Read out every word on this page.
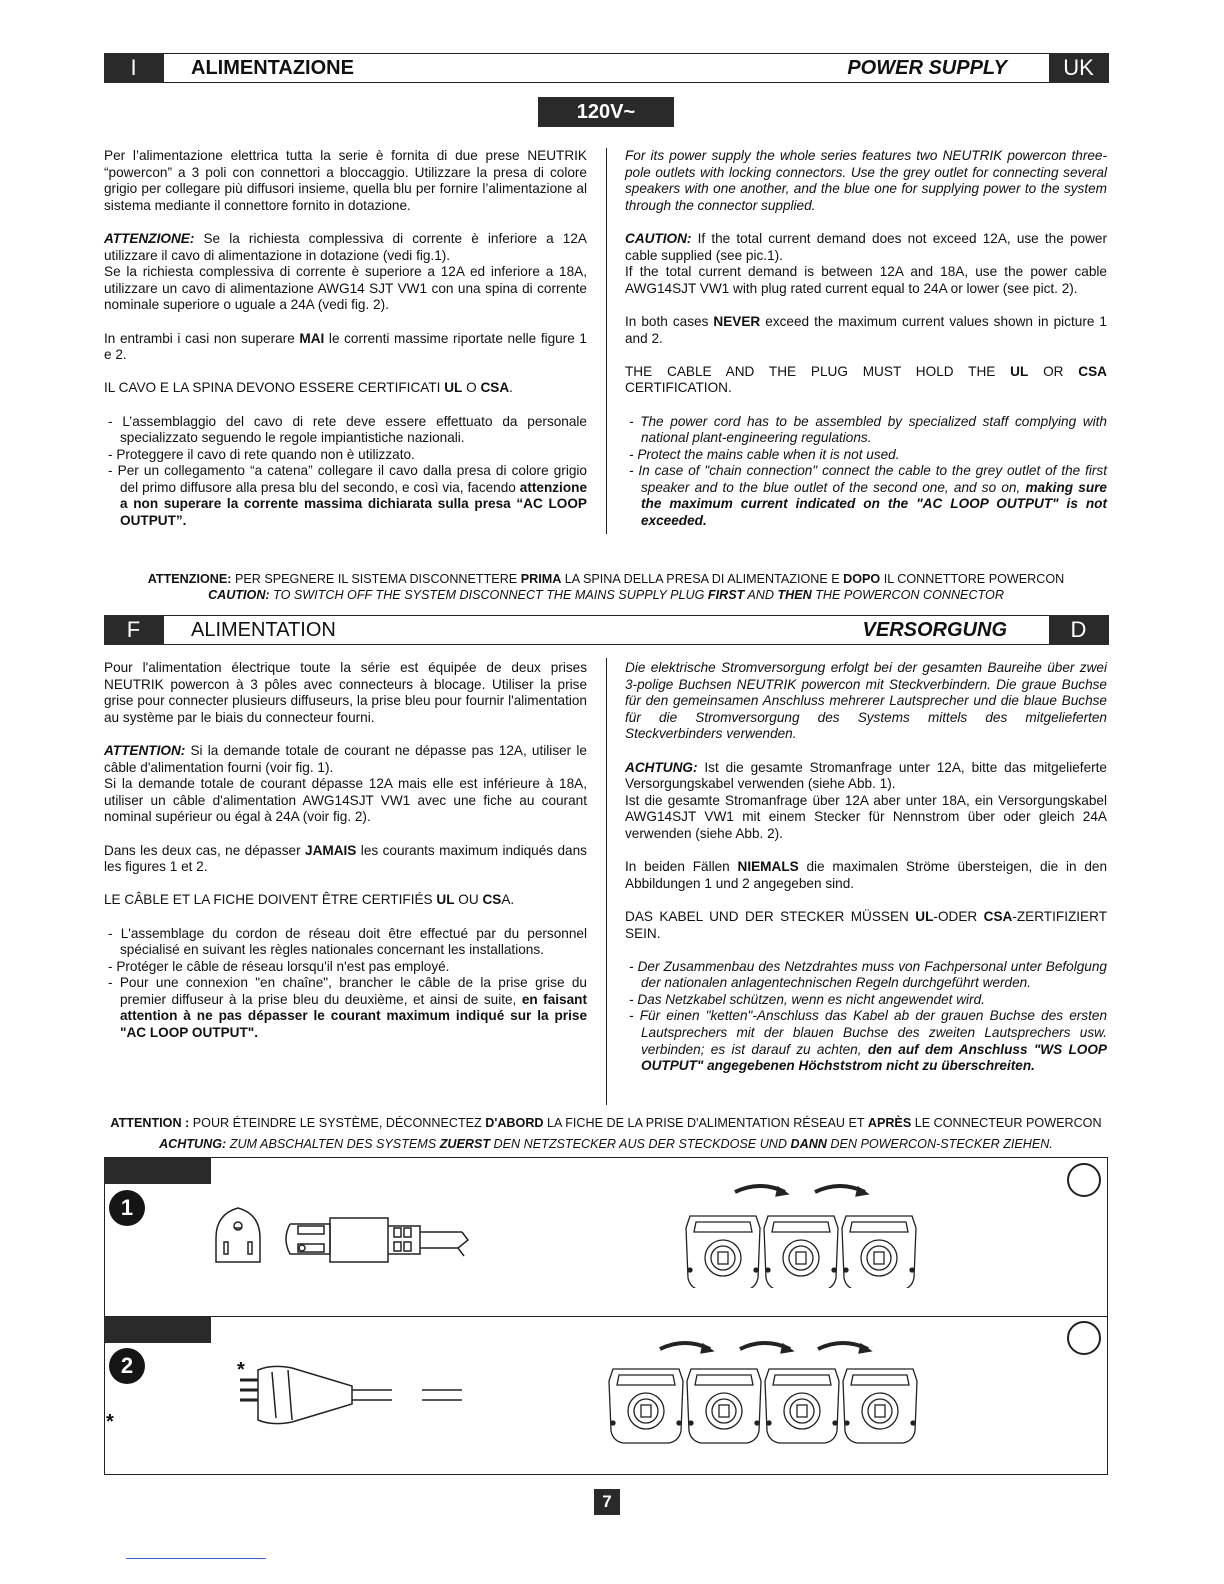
I	ALIMENTAZIONE	POWER SUPPLY	UK
120V~

Per l’alimentazione elettrica tutta la serie è fornita di due prese NEUTRIK “powercon” a 3 poli con connettori a bloccaggio. Utilizzare la presa di colore grigio per collegare più diffusori insieme, quella blu per fornire l’alimentazione al sistema mediante il connettore fornito in dotazione.

ATTENZIONE: Se la richiesta complessiva di corrente è inferiore a 12A utilizzare il cavo di alimentazione in dotazione (vedi fig.1).
Se la richiesta complessiva di corrente è superiore a 12A ed inferiore a 18A, utilizzare un cavo di alimentazione AWG14 SJT VW1 con una spina di corrente nominale superiore o uguale a 24A (vedi fig. 2).

In entrambi i casi non superare MAI le correnti massime riportate nelle figure 1 e 2.

IL CAVO E LA SPINA DEVONO ESSERE CERTIFICATI UL O CSA.

- L’assemblaggio del cavo di rete deve essere effettuato da personale specializzato seguendo le regole impiantistiche nazionali.
- Proteggere il cavo di rete quando non è utilizzato.
- Per un collegamento “a catena” collegare il cavo dalla presa di colore grigio del primo diffusore alla presa blu del secondo, e così via, facendo attenzione a non superare la corrente massima dichiarata sulla presa “AC LOOP OUTPUT”.

For its power supply the whole series features two NEUTRIK powercon three-pole outlets with locking connectors. Use the grey outlet for connecting several speakers with one another, and the blue one for supplying power to the system through the connector supplied.

CAUTION: If the total current demand does not exceed 12A, use the power cable supplied (see pic.1).
If the total current demand is between 12A and 18A, use the power cable AWG14SJT VW1 with plug rated current equal to 24A or lower (see pict. 2).

In both cases NEVER exceed the maximum current values shown in picture 1 and 2.

THE CABLE AND THE PLUG MUST HOLD THE UL OR CSA CERTIFICATION.

- The power cord has to be assembled by specialized staff complying with national plant-engineering regulations.
- Protect the mains cable when it is not used.
- In case of "chain connection" connect the cable to the grey outlet of the first speaker and to the blue outlet of the second one, and so on, making sure the maximum current indicated on the "AC LOOP OUTPUT" is not exceeded.
ATTENZIONE: PER SPEGNERE IL SISTEMA DISCONNETTERE PRIMA LA SPINA DELLA PRESA DI ALIMENTAZIONE E DOPO IL CONNETTORE POWERCON
CAUTION: TO SWITCH OFF THE SYSTEM DISCONNECT THE MAINS SUPPLY PLUG FIRST AND THEN THE POWERCON CONNECTOR
F	ALIMENTATION	VERSORGUNG	D

Pour l'alimentation électrique toute la série est équipée de deux prises NEUTRIK powercon à 3 pôles avec connecteurs à blocage. Utiliser la prise grise pour connecter plusieurs diffuseurs, la prise bleu pour fournir l'alimentation au système par le biais du connecteur fourni.

ATTENTION: Si la demande totale de courant ne dépasse pas 12A, utiliser le câble d'alimentation fourni (voir fig. 1).
Si la demande totale de courant dépasse 12A mais elle est inférieure à 18A, utiliser un câble d'alimentation AWG14SJT VW1 avec une fiche au courant nominal supérieur ou égal à 24A (voir fig. 2).

Dans les deux cas, ne dépasser JAMAIS les courants maximum indiqués dans les figures 1 et 2.

LE CÂBLE ET LA FICHE DOIVENT ÊTRE CERTIFIÉS UL OU CSA.

- L'assemblage du cordon de réseau doit être effectué par du personnel spécialisé en suivant les règles nationales concernant les installations.
- Protéger le câble de réseau lorsqu'il n'est pas employé.
- Pour une connexion "en chaîne", brancher le câble de la prise grise du premier diffuseur à la prise bleu du deuxième, et ainsi de suite, en faisant attention à ne pas dépasser le courant maximum indiqué sur la prise "AC LOOP OUTPUT".

Die elektrische Stromversorgung erfolgt bei der gesamten Baureihe über zwei 3-polige Buchsen NEUTRIK powercon mit Steckverbindern. Die graue Buchse für den gemeinsamen Anschluss mehrerer Lautsprecher und die blaue Buchse für die Stromversorgung des Systems mittels des mitgelieferten Steckverbinders verwenden.

ACHTUNG: Ist die gesamte Stromanfrage unter 12A, bitte das mitgelieferte Versorgungskabel verwenden (siehe Abb. 1).
Ist die gesamte Stromanfrage über 12A aber unter 18A, ein Versorgungskabel AWG14SJT VW1 mit einem Stecker für Nennstrom über oder gleich 24A verwenden (siehe Abb. 2).

In beiden Fällen NIEMALS die maximalen Ströme übersteigen, die in den Abbildungen 1 und 2 angegeben sind.

DAS KABEL UND DER STECKER MÜSSEN UL-ODER CSA-ZERTIFIZIERT SEIN.

- Der Zusammenbau des Netzdrahtes muss von Fachpersonal unter Befolgung der nationalen anlagentechnischen Regeln durchgeführt werden.
- Das Netzkabel schützen, wenn es nicht angewendet wird.
- Für einen "ketten"-Anschluss das Kabel ab der grauen Buchse des ersten Lautsprechers mit der blauen Buchse des zweiten Lautsprechers usw. verbinden; es ist darauf zu achten, den auf dem Anschluss "WS LOOP OUTPUT" angegebenen Höchststrom nicht zu überschreiten.
ATTENTION : POUR ÉTEINDRE LE SYSTÈME, DÉCONNECTEZ D'ABORD LA FICHE DE LA PRISE D'ALIMENTATION RÉSEAU ET APRÈS LE CONNECTEUR POWERCON
ACHTUNG: ZUM ABSCHALTEN DES SYSTEMS ZUERST DEN NETZSTECKER AUS DER STECKDOSE UND DANN DEN POWERCON-STECKER ZIEHEN.
1
2	*
*
7
